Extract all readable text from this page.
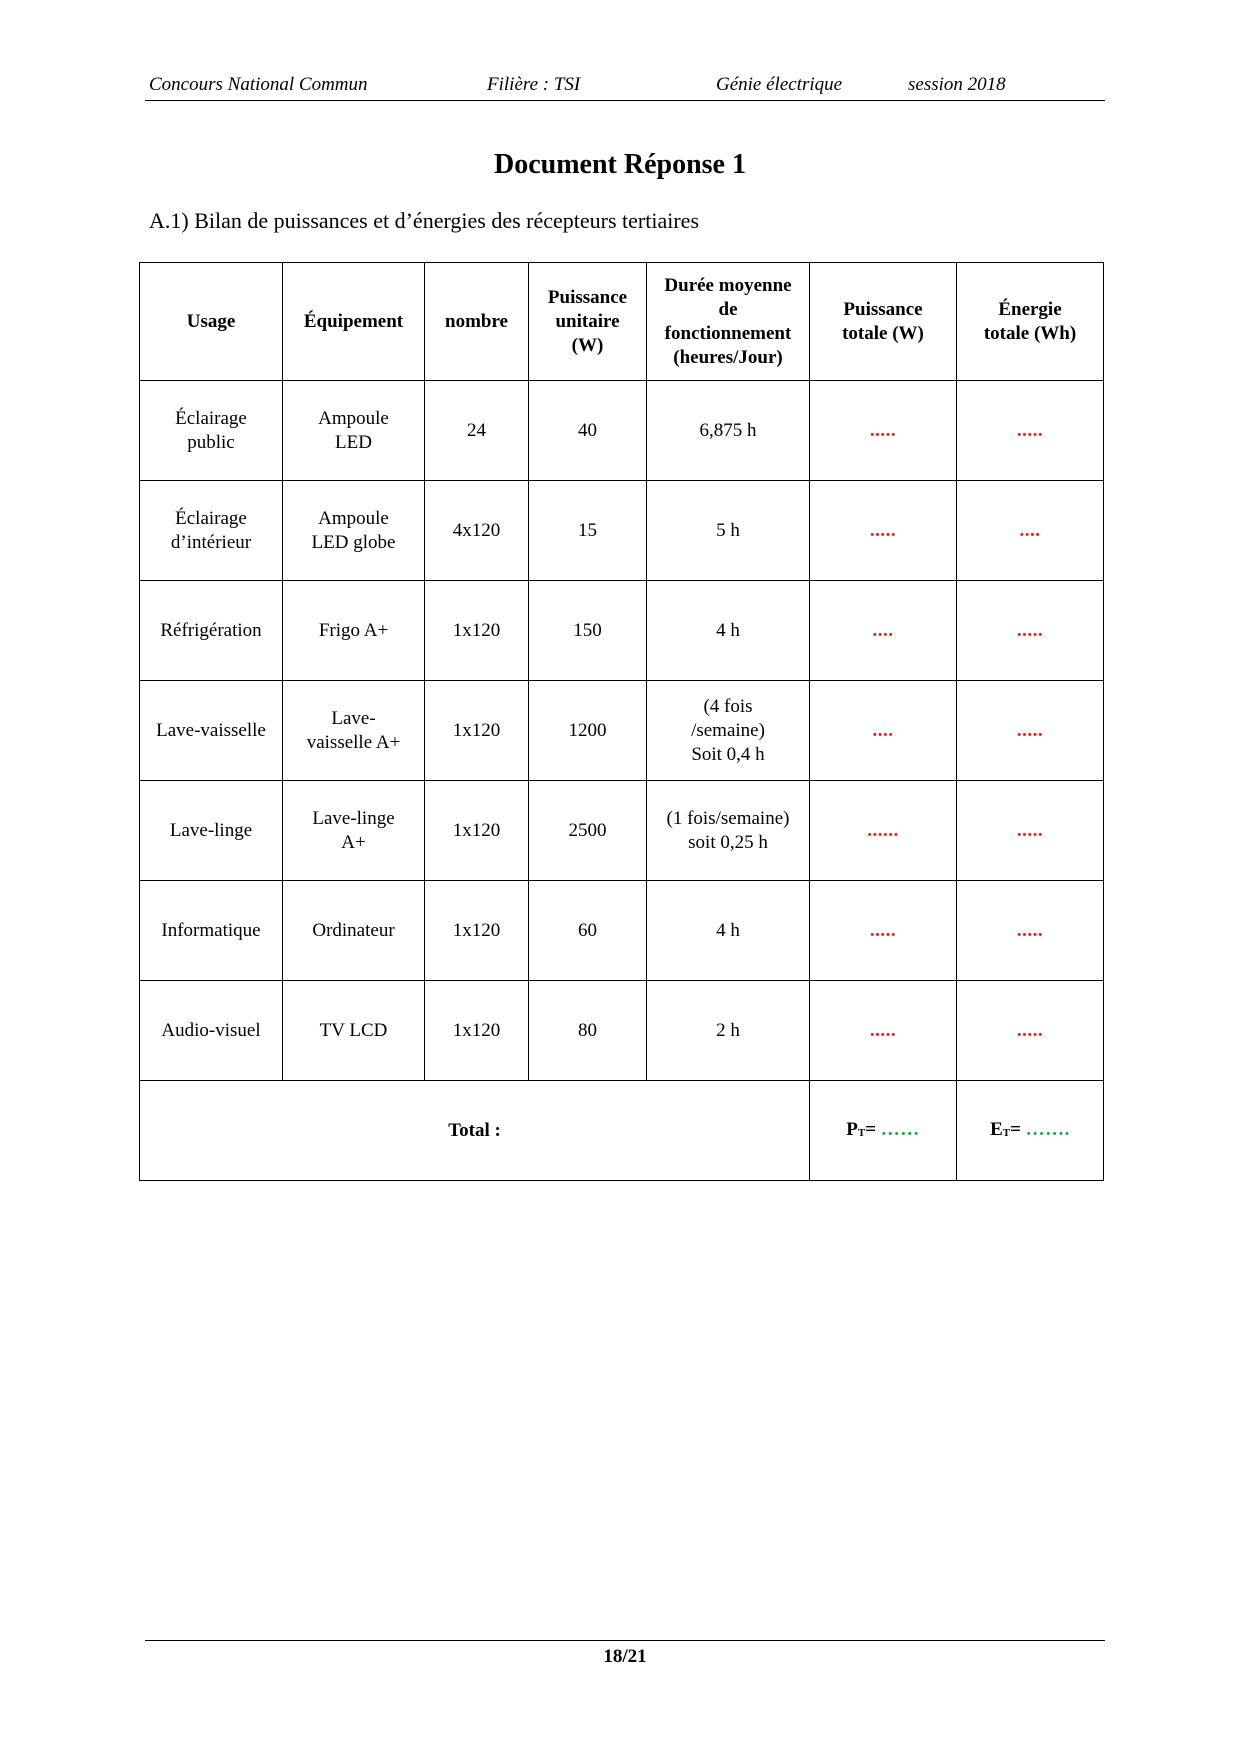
Concours National Commun	Filière : TSI	Génie électrique	session 2018
Document Réponse 1
A.1) Bilan de puissances et d’énergies des récepteurs tertiaires
Usage	Équipement	nombre	Puissance
unitaire
(W)	Durée moyenne
de
fonctionnement
(heures/Jour)	Puissance
totale (W)	Énergie
totale (Wh)
Éclairage
public	Ampoule
LED	24	40	6,875 h	.....	.....
Éclairage
d’intérieur	Ampoule
LED globe	4x120	15	5 h	.....	....
Réfrigération	Frigo A+	1x120	150	4 h	....	.....
Lave-vaisselle	Lave-
vaisselle A+	1x120	1200	(4 fois
/semaine)
Soit 0,4 h	....	.....
Lave-linge	Lave-linge
A+	1x120	2500	(1 fois/semaine)
soit 0,25 h	......	.....
Informatique	Ordinateur	1x120	60	4 h	.....	.....
Audio-visuel	TV LCD	1x120	80	2 h	.....	.....
Total :					$P_T=$ ……	$E_T=$ …….
18/21
